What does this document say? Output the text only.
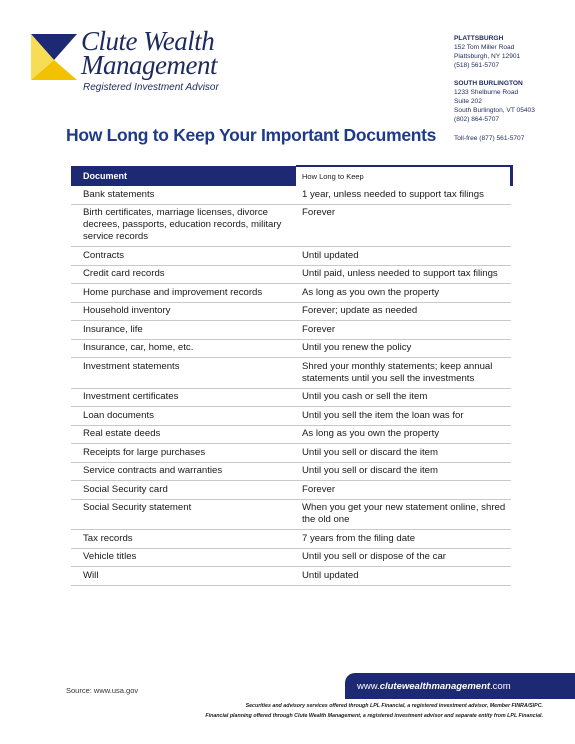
Clute Wealth
Management
Registered Investment Advisor
PLATTSBURGH
152 Tom Miller Road
Plattsburgh, NY 12901
(518) 561-5707
SOUTH BURLINGTON
1233 Shelburne Road
Suite 202
South Burlington, VT 05403
(802) 864-5707
How Long to Keep Your Important Documents	Toll-free (877) 561-5707
Document	How Long to Keep
Bank statements	1 year, unless needed to support tax filings
Birth certificates, marriage licenses, divorce decrees, passports, education records, military service records	Forever
Contracts	Until updated
Credit card records	Until paid, unless needed to support tax filings
Home purchase and improvement records	As long as you own the property
Household inventory	Forever; update as needed
Insurance, life	Forever
Insurance, car, home, etc.	Until you renew the policy
Investment statements	Shred your monthly statements; keep annual statements until you sell the investments
Investment certificates	Until you cash or sell the item
Loan documents	Until you sell the item the loan was for
Real estate deeds	As long as you own the property
Receipts for large purchases	Until you sell or discard the item
Service contracts and warranties	Until you sell or discard the item
Social Security card	Forever
Social Security statement	When you get your new statement online, shred the old one
Tax records	7 years from the filing date
Vehicle titles	Until you sell or dispose of the car
Will	Until updated
Source: www.usa.gov	www.clutewealthmanagement.com
Securities and advisory services offered through LPL Financial, a registered investment advisor, Member FINRA/SIPC.
Financial planning offered through Clute Wealth Management, a registered investment advisor and separate entity from LPL Financial.
